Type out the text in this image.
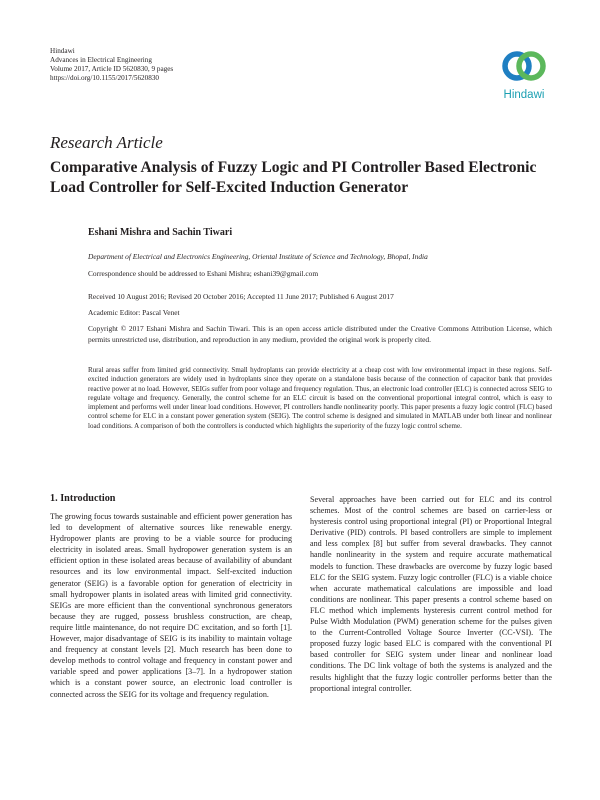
Hindawi
Advances in Electrical Engineering
Volume 2017, Article ID 5620830, 9 pages
https://doi.org/10.1155/2017/5620830
Hindawi
Research Article
Comparative Analysis of Fuzzy Logic and PI Controller Based Electronic Load Controller for Self-Excited Induction Generator
Eshani Mishra and Sachin Tiwari
Department of Electrical and Electronics Engineering, Oriental Institute of Science and Technology, Bhopal, India
Correspondence should be addressed to Eshani Mishra; eshani39@gmail.com
Received 10 August 2016; Revised 20 October 2016; Accepted 11 June 2017; Published 6 August 2017
Academic Editor: Pascal Venet
Copyright © 2017 Eshani Mishra and Sachin Tiwari. This is an open access article distributed under the Creative Commons Attribution License, which permits unrestricted use, distribution, and reproduction in any medium, provided the original work is properly cited.
Rural areas suffer from limited grid connectivity. Small hydroplants can provide electricity at a cheap cost with low environmental impact in these regions. Self-excited induction generators are widely used in hydroplants since they operate on a standalone basis because of the connection of capacitor bank that provides reactive power at no load. However, SEIGs suffer from poor voltage and frequency regulation. Thus, an electronic load controller (ELC) is connected across SEIG to regulate voltage and frequency. Generally, the control scheme for an ELC circuit is based on the conventional proportional integral control, which is easy to implement and performs well under linear load conditions. However, PI controllers handle nonlinearity poorly. This paper presents a fuzzy logic control (FLC) based control scheme for ELC in a constant power generation system (SEIG). The control scheme is designed and simulated in MATLAB under both linear and nonlinear load conditions. A comparison of both the controllers is conducted which highlights the superiority of the fuzzy logic control scheme.
1. Introduction
The growing focus towards sustainable and efficient power generation has led to development of alternative sources like renewable energy. Hydropower plants are proving to be a viable source for producing electricity in isolated areas. Small hydropower generation system is an efficient option in these isolated areas because of availability of abundant resources and its low environmental impact. Self-excited induction generator (SEIG) is a favorable option for generation of electricity in small hydropower plants in isolated areas with limited grid connectivity. SEIGs are more efficient than the conventional synchronous generators because they are rugged, possess brushless construction, are cheap, require little maintenance, do not require DC excitation, and so forth [1]. However, major disadvantage of SEIG is its inability to maintain voltage and frequency at constant levels [2]. Much research has been done to develop methods to control voltage and frequency in constant power and variable speed and power applications [3–7]. In a hydropower station which is a constant power source, an electronic load controller is connected across the SEIG for its voltage and frequency regulation.
Several approaches have been carried out for ELC and its control schemes. Most of the control schemes are based on carrier-less or hysteresis control using proportional integral (PI) or Proportional Integral Derivative (PID) controls. PI based controllers are simple to implement and less complex [8] but suffer from several drawbacks. They cannot handle nonlinearity in the system and require accurate mathematical models to function. These drawbacks are overcome by fuzzy logic based ELC for the SEIG system. Fuzzy logic controller (FLC) is a viable choice when accurate mathematical calculations are impossible and load conditions are nonlinear. This paper presents a control scheme based on FLC method which implements hysteresis current control method for Pulse Width Modulation (PWM) generation scheme for the pulses given to the Current-Controlled Voltage Source Inverter (CC-VSI). The proposed fuzzy logic based ELC is compared with the conventional PI based controller for SEIG system under linear and nonlinear load conditions. The DC link voltage of both the systems is analyzed and the results highlight that the fuzzy logic controller performs better than the proportional integral controller.
